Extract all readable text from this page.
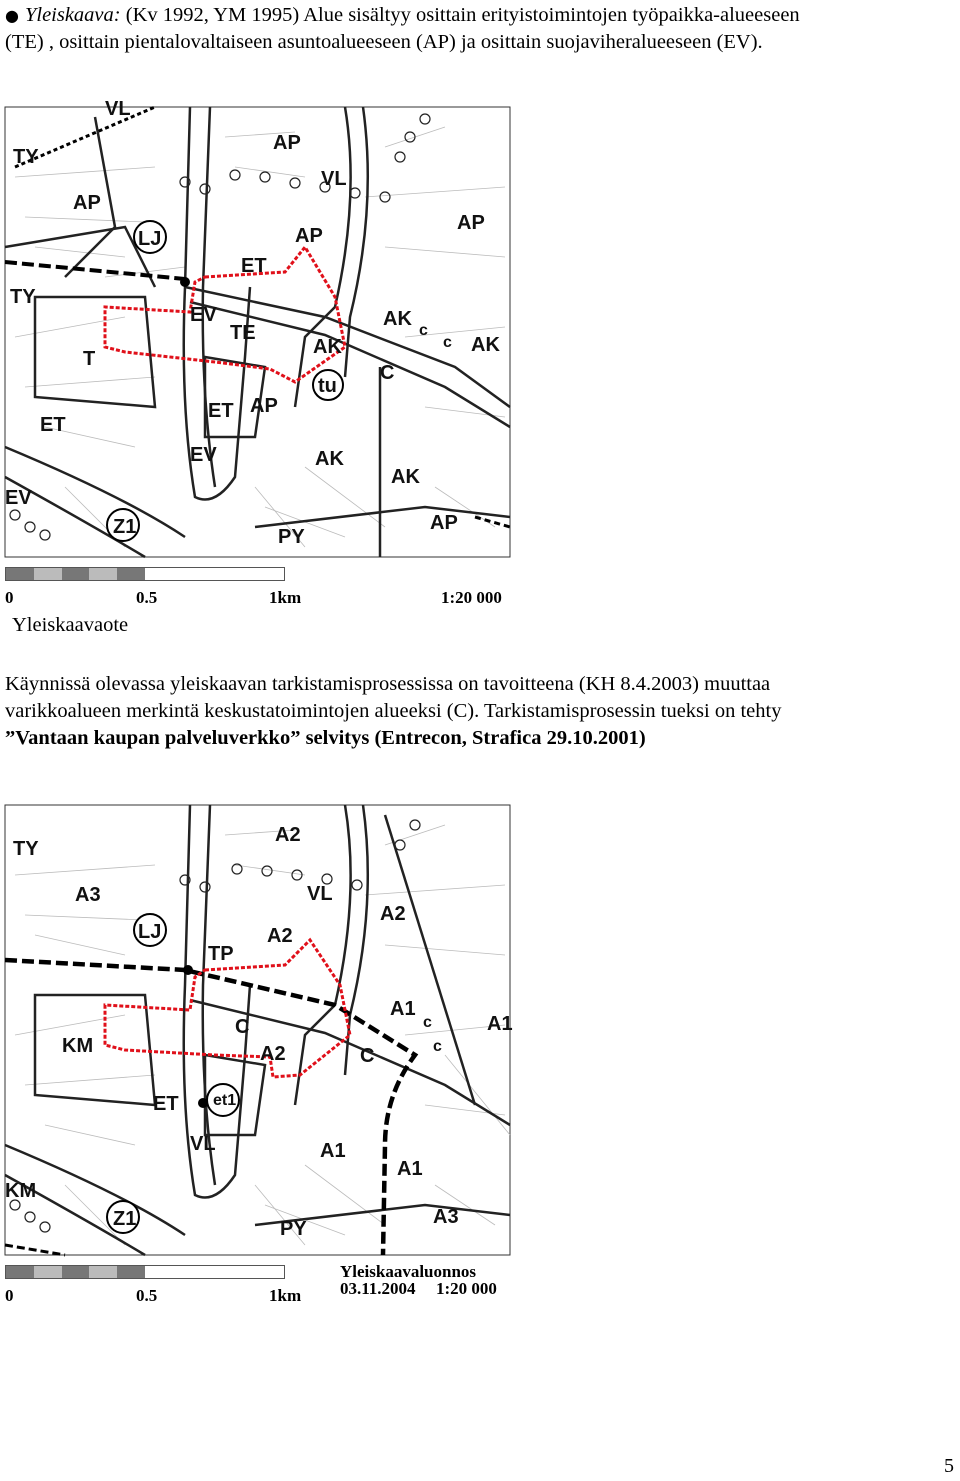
● Yleiskaava: (Kv 1992, YM 1995) Alue sisältyy osittain erityistoimintojen työpaikka-alueeseen
(TE) , osittain pientalovaltaiseen asuntoalueeseen (AP) ja osittain suojaviheralueeseen (EV).

VL
TY
AP
AP
VL
AP
LJ
ET
AP
TY
EV
TE
AK
AK
c
c AK
T
tu
C
ET
AP
ET
EV	AK
AK
EV
Z1	PY
AP
0	0.5	1km	1:20 000
Yleiskaavaote

Käynnissä olevassa yleiskaavan tarkistamisprosessissa on tavoitteena (KH 8.4.2003) muuttaa
varikkoalueen merkintä keskustatoimintojen alueeksi (C). Tarkistamisprosessin tueksi on tehty
”Vantaan kaupan palveluverkko” selvitys (Entrecon, Strafica 29.10.2001)

A2
TY
VL
A3
A2
LJ
TP
A2
A1
c	A1
C
KM	c
A2	C
ET et1
VL	A1
A1
KM
Z1	PY
A3
0	0.5	1km
Yleiskaavaluonnos
03.11.2004 1:20 000
5
